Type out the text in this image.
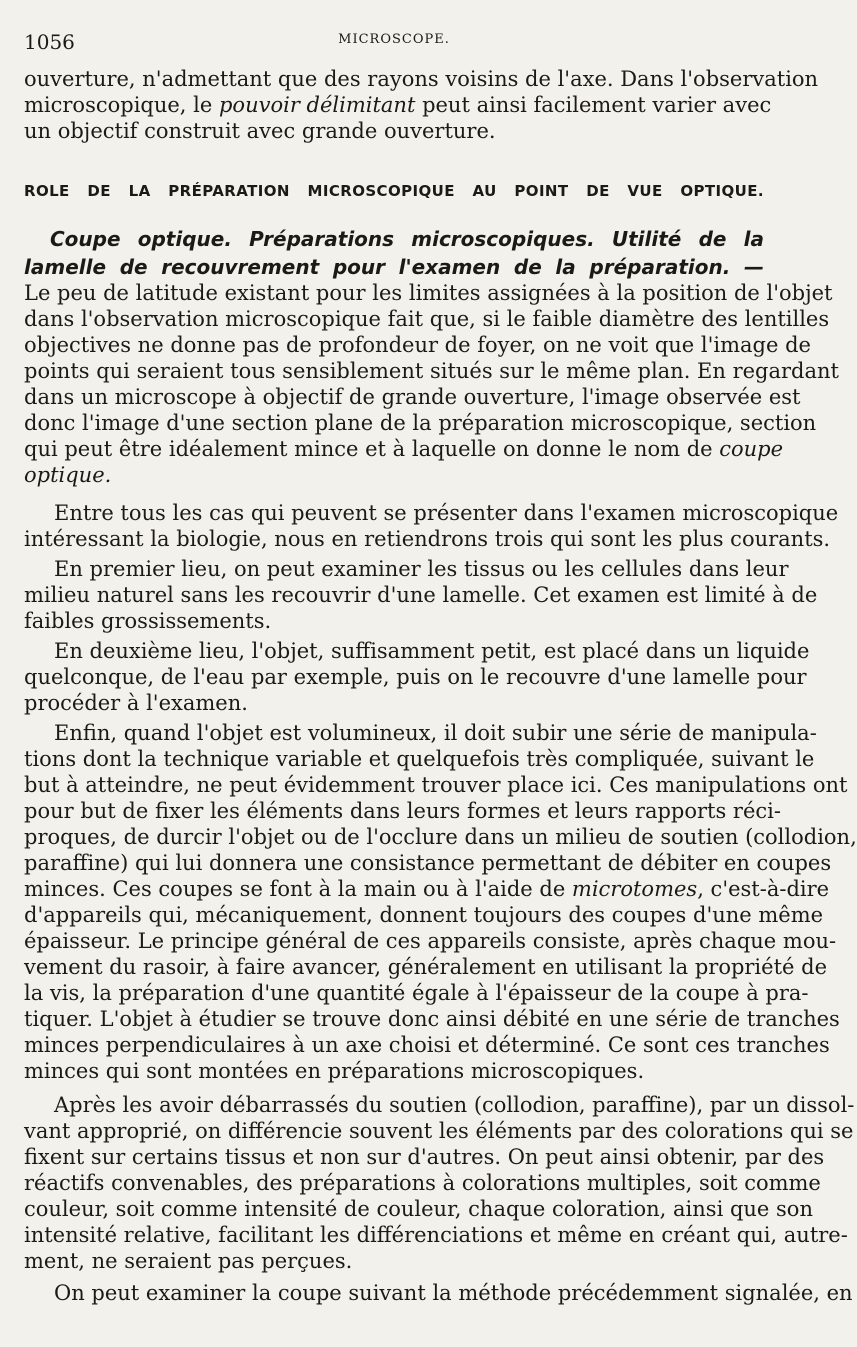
1056	MICROSCOPE.
ouverture, n'admettant que des rayons voisins de l'axe. Dans l'observation
microscopique, le pouvoir délimitant peut ainsi facilement varier avec
un objectif construit avec grande ouverture.
ROLE DE LA PRÉPARATION MICROSCOPIQUE AU POINT DE VUE OPTIQUE.
Coupe optique. Préparations microscopiques. Utilité de la
lamelle de recouvrement pour l'examen de la préparation. —
Le peu de latitude existant pour les limites assignées à la position de l'objet
dans l'observation microscopique fait que, si le faible diamètre des lentilles
objectives ne donne pas de profondeur de foyer, on ne voit que l'image de
points qui seraient tous sensiblement situés sur le même plan. En regardant
dans un microscope à objectif de grande ouverture, l'image observée est
donc l'image d'une section plane de la préparation microscopique, section
qui peut être idéalement mince et à laquelle on donne le nom de coupe
optique.
Entre tous les cas qui peuvent se présenter dans l'examen microscopique
intéressant la biologie, nous en retiendrons trois qui sont les plus courants.
En premier lieu, on peut examiner les tissus ou les cellules dans leur
milieu naturel sans les recouvrir d'une lamelle. Cet examen est limité à de
faibles grossissements.
En deuxième lieu, l'objet, suffisamment petit, est placé dans un liquide
quelconque, de l'eau par exemple, puis on le recouvre d'une lamelle pour
procéder à l'examen.
Enfin, quand l'objet est volumineux, il doit subir une série de manipula-
tions dont la technique variable et quelquefois très compliquée, suivant le
but à atteindre, ne peut évidemment trouver place ici. Ces manipulations ont
pour but de fixer les éléments dans leurs formes et leurs rapports réci-
proques, de durcir l'objet ou de l'occlure dans un milieu de soutien (collodion,
paraffine) qui lui donnera une consistance permettant de débiter en coupes
minces. Ces coupes se font à la main ou à l'aide de microtomes, c'est-à-dire
d'appareils qui, mécaniquement, donnent toujours des coupes d'une même
épaisseur. Le principe général de ces appareils consiste, après chaque mou-
vement du rasoir, à faire avancer, généralement en utilisant la propriété de
la vis, la préparation d'une quantité égale à l'épaisseur de la coupe à pra-
tiquer. L'objet à étudier se trouve donc ainsi débité en une série de tranches
minces perpendiculaires à un axe choisi et déterminé. Ce sont ces tranches
minces qui sont montées en préparations microscopiques.
Après les avoir débarrassés du soutien (collodion, paraffine), par un dissol-
vant approprié, on différencie souvent les éléments par des colorations qui se
fixent sur certains tissus et non sur d'autres. On peut ainsi obtenir, par des
réactifs convenables, des préparations à colorations multiples, soit comme
couleur, soit comme intensité de couleur, chaque coloration, ainsi que son
intensité relative, facilitant les différenciations et même en créant qui, autre-
ment, ne seraient pas perçues.
On peut examiner la coupe suivant la méthode précédemment signalée, en
